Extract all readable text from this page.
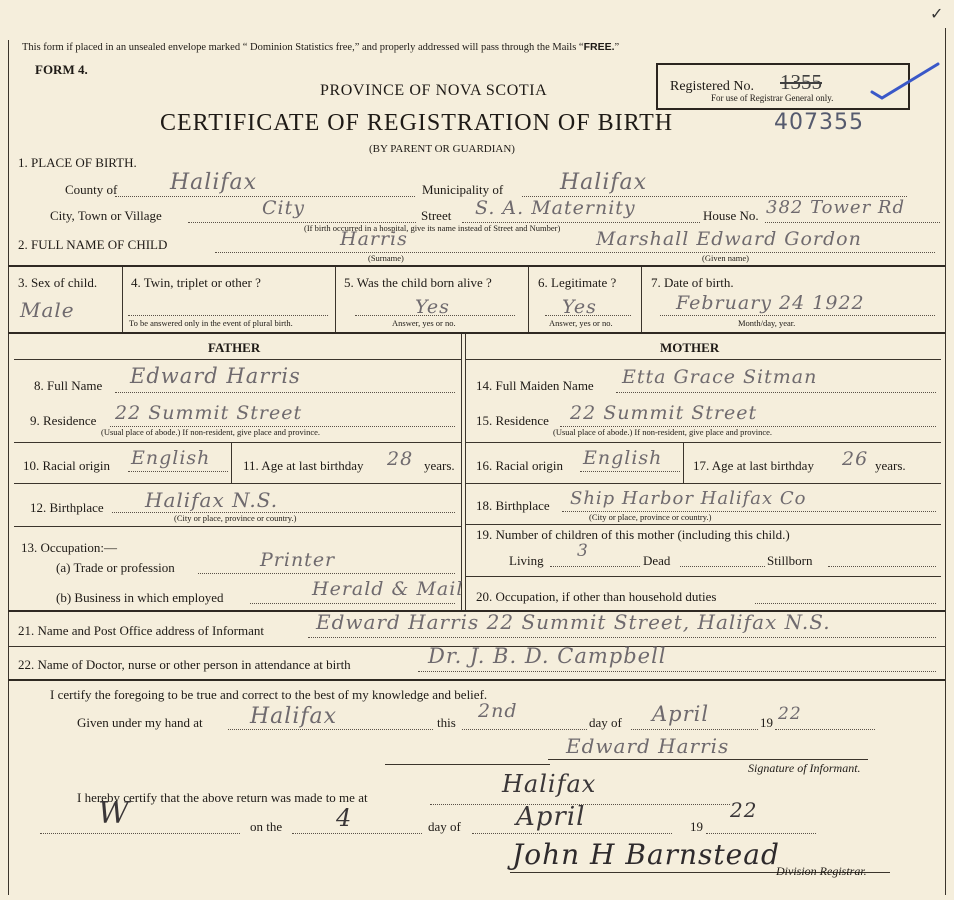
✓
This form if placed in an unsealed envelope marked “ Dominion Statistics free,” and properly addressed will pass through the Mails “FREE.”
FORM 4.
PROVINCE OF NOVA SCOTIA
CERTIFICATE OF REGISTRATION OF BIRTH
(BY PARENT OR GUARDIAN)
Registered No. 1355
For use of Registrar General only.
407355
1. PLACE OF BIRTH.
County of Halifax	Municipality of	Halifax
City, Town or Village	City	Street S. A. Maternity	House No. 382 Tower Rd
(If birth occurred in a hospital, give its name instead of Street and Number)
2. FULL NAME OF CHILD	Harris	Marshall Edward Gordon
(Surname)	(Given name)
3. Sex of child.
Male
4. Twin, triplet or other ?
To be answered only in the event of plural birth.
5. Was the child born alive ?
Yes
Answer, yes or no.
6. Legitimate ?
Yes
Answer, yes or no.
7. Date of birth.
February 24 1922
Month/day, year.
FATHER	MOTHER
8. Full Name Edward Harris
9. Residence 22 Summit Street
(Usual place of abode.) If non-resident, give place and province.
10. Racial origin English	11. Age at last birthday 28 years.
12. Birthplace Halifax N.S.
(City or place, province or country.)
13. Occupation:—
(a) Trade or profession	Printer
(b) Business in which employed	Herald & Mail
14. Full Maiden Name Etta Grace Sitman
15. Residence 22 Summit Street
(Usual place of abode.) If non-resident, give place and province.
16. Racial origin English 17. Age at last birthday 26 years.
18. Birthplace Ship Harbor Halifax Co
(City or place, province or country.)
19. Number of children of this mother (including this child.)
Living 3	Dead	Stillborn
20. Occupation, if other than household duties
21. Name and Post Office address of Informant	Edward Harris 22 Summit Street, Halifax N.S.
22. Name of Doctor, nurse or other person in attendance at birth	Dr. J. B. D. Campbell
I certify the foregoing to be true and correct to the best of my knowledge and belief.
Given under my hand at Halifax	this
2nd
day of April	19 22
Edward Harris
Signature of Informant.
I hereby certify that the above return was made to me at	Halifax
W	on the 4	day of April	19
22
John H Barnstead
Division Registrar.
